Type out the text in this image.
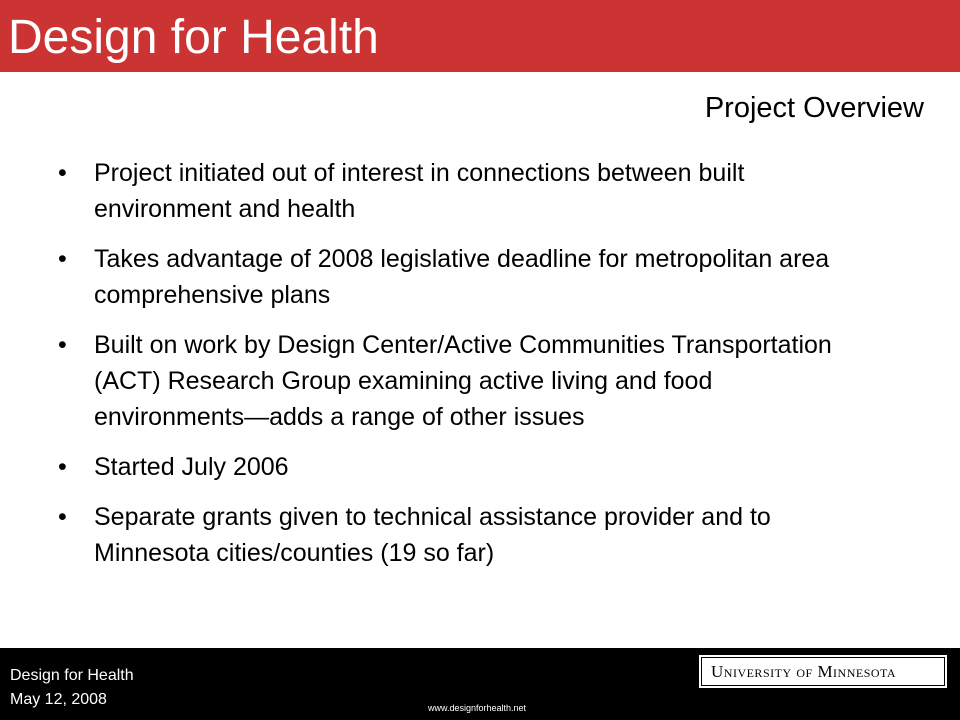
Design for Health
Project Overview
•	Project initiated out of interest in connections between built environment and health
•	Takes advantage of 2008 legislative deadline for metropolitan area comprehensive plans
•	Built on work by Design Center/Active Communities Transportation (ACT) Research Group examining active living and food environments—adds a range of other issues
•	Started July 2006
•	Separate grants given to technical assistance provider and to Minnesota cities/counties (19 so far)
Design for Health
May 12, 2008	www.designforhealth.net
University of Minnesota
